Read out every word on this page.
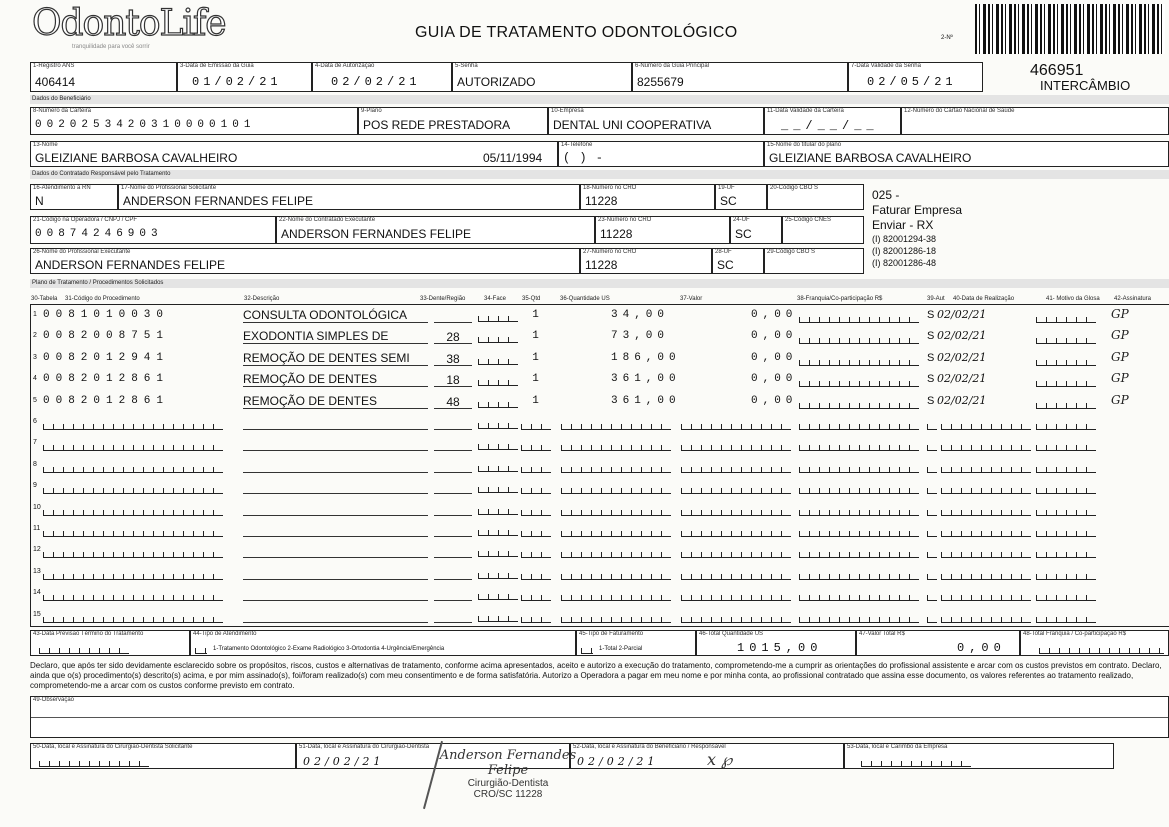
OdontoLife
tranquilidade para você sorrir
GUIA DE TRATAMENTO ODONTOLÓGICO	2-Nº
1-Registro ANS
406414
3-Data de Emissão da Guia
01/02/21
4-Data de Autorização
02/02/21
5-Senha
AUTORIZADO
6-Número da Guia Principal
8255679
7-Data Validade da Senha
02/05/21
466951
INTERCÂMBIO
Dados do Beneficiário
8-Número da Carteira
0020253420310000101
9-Plano
POS REDE PRESTADORA
10-Empresa
DENTAL UNI COOPERATIVA
11-Data Validade da Carteira
__/__/__
12-Número do Cartão Nacional de Saúde
13-Nome
GLEIZIANE BARBOSA CAVALHEIRO	05/11/1994
14-Telefone
( ) -
15-Nome do titular do plano
GLEIZIANE BARBOSA CAVALHEIRO
Dados do Contratado Responsável pelo Tratamento
16-Atendimento a RN
N
17-Nome do Profissional Solicitante
ANDERSON FERNANDES FELIPE
18-Número no CRO
11228
19-UF
SC
20-Código CBO S
21-Código na Operadora / CNPJ / CPF
00874246903
22-Nome do Contratado Executante
ANDERSON FERNANDES FELIPE
23-Número no CRO
11228
24-UF
SC
25-Código CNES
26-Nome do Profissional Executante
ANDERSON FERNANDES FELIPE
27-Número no CRO
11228
28-UF
SC
29-Código CBO S
025 -
Faturar Empresa
Enviar - RX
(I) 82001294-38
(I) 82001286-18
(I) 82001286-48
Plano de Tratamento / Procedimentos Solicitados
30-Tabela 31-Código do Procedimento	32-Descrição	33-Dente/Região	34-Face	35-Qtd	36-Quantidade US	37-Valor	38-Franquia/Co-participação R$	39-Aut 40-Data de Realização	41- Motivo da Glosa 42-Assinatura
1 0081010030	CONSULTA ODONTOLÓGICA	1	34,00	0,00	S 02/02/21	GP
2 0082008751	EXODONTIA SIMPLES DE	28	1	73,00	0,00	S 02/02/21	GP
3 0082012941	REMOÇÃO DE DENTES SEMI	38	1	186,00	0,00	S 02/02/21	GP
4 0082012861	REMOÇÃO DE DENTES	18	1	361,00	0,00	S 02/02/21	GP
5 0082012861	REMOÇÃO DE DENTES	48	1	361,00	0,00	S 02/02/21	GP
6
7
8
9
10
11
12
13
14
15
43-Data Previsão Término do Tratamento	44-Tipo de Atendimento
1-Tratamento Odontológico 2-Exame Radiológico 3-Ortodontia 4-Urgência/Emergência
45-Tipo de Faturamento
1-Total 2-Parcial
46-Total Quantidade US
1015,00
47-Valor Total R$
0,00
48-Total Franquia / Co-participação R$
Declaro, que após ter sido devidamente esclarecido sobre os propósitos, riscos, custos e alternativas de tratamento, conforme acima apresentados, aceito e autorizo a execução do tratamento, comprometendo-me a cumprir as orientações do profissional assistente e arcar com os custos previstos em contrato. Declaro, ainda que o(s) procedimento(s) descrito(s) acima, e por mim assinado(s), foi/foram realizado(s) com meu consentimento e de forma satisfatória. Autorizo a Operadora a pagar em meu nome e por minha conta, ao profissional contratado que assina esse documento, os valores referentes ao tratamento realizado, comprometendo-me a arcar com os custos conforme previsto em contrato.
49-Observação
50-Data, local e Assinatura do Cirurgião-Dentista Solicitante	51-Data, local e Assinatura do Cirurgião-Dentista
02/02/21
52-Data, local e Assinatura do Beneficiário / Responsável
02/02/21	x ℘
53-Data, local e Carimbo da Empresa
Anderson Fernandes Felipe
Cirurgião-Dentista
CRO/SC 11228
